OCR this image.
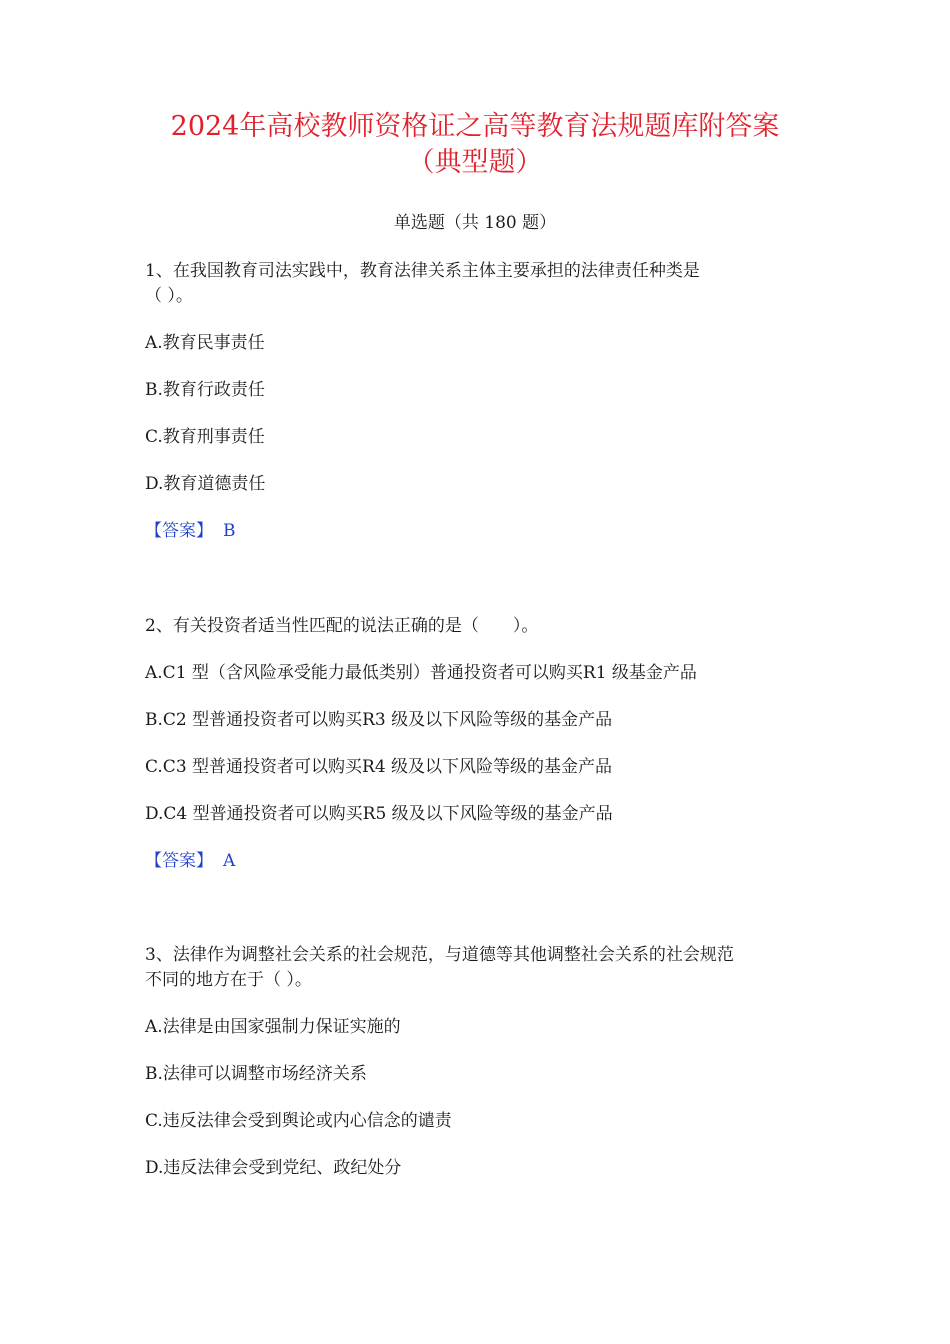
2024年高校教师资格证之高等教育法规题库附答案
（典型题）
单选题（共 180 题）
1、在我国教育司法实践中，教育法律关系主体主要承担的法律责任种类是
（ ）。
A.教育民事责任
B.教育行政责任
C.教育刑事责任
D.教育道德责任
【答案】 B
2、有关投资者适当性匹配的说法正确的是（　　）。
A.C1 型（含风险承受能力最低类别）普通投资者可以购买R1 级基金产品
B.C2 型普通投资者可以购买R3 级及以下风险等级的基金产品
C.C3 型普通投资者可以购买R4 级及以下风险等级的基金产品
D.C4 型普通投资者可以购买R5 级及以下风险等级的基金产品
【答案】 A
3、法律作为调整社会关系的社会规范，与道德等其他调整社会关系的社会规范
不同的地方在于（ ）。
A.法律是由国家强制力保证实施的
B.法律可以调整市场经济关系
C.违反法律会受到舆论或内心信念的谴责
D.违反法律会受到党纪、政纪处分
